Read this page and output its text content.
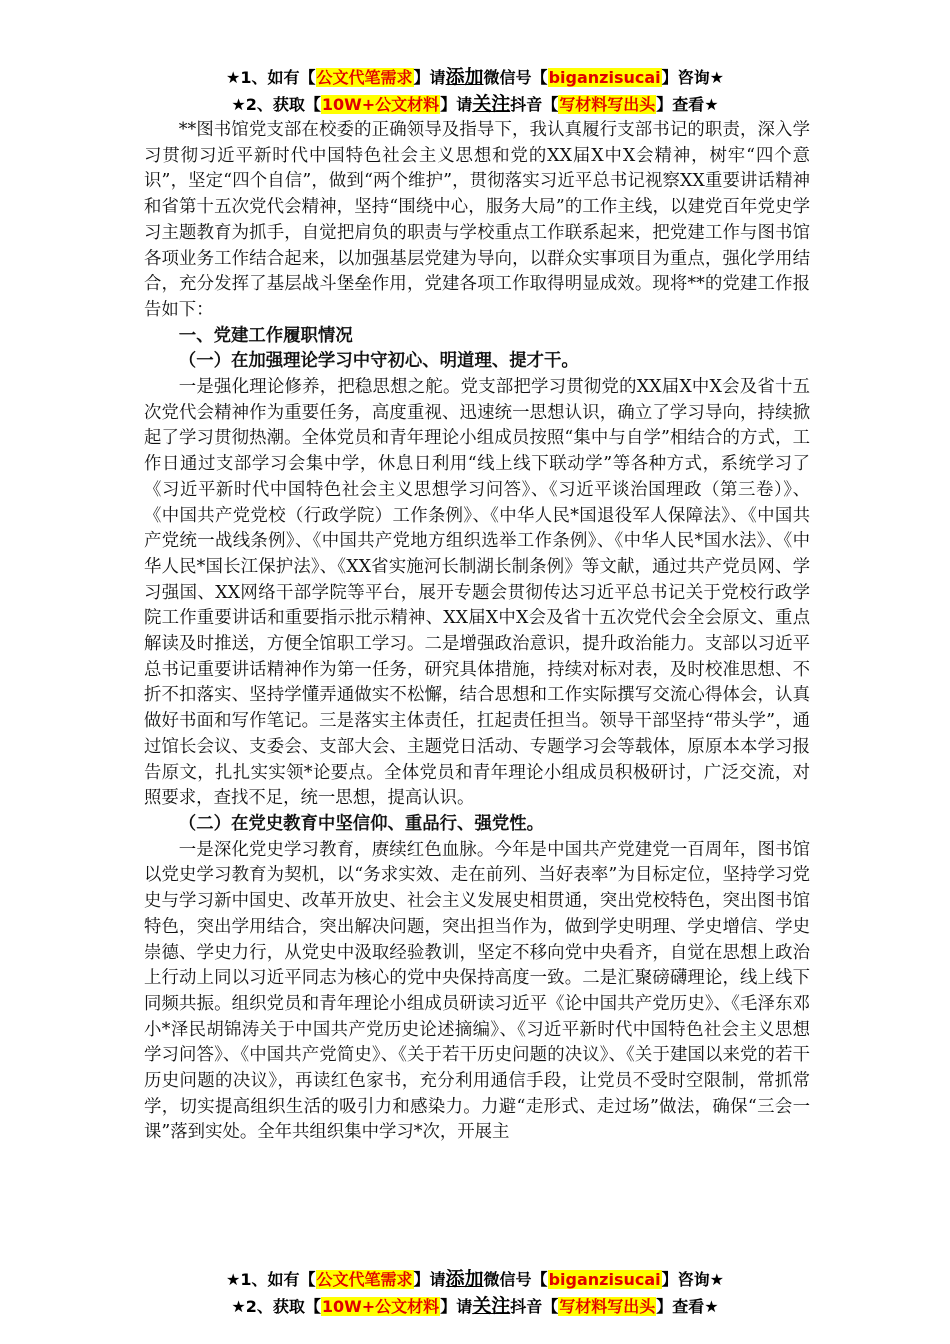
★1、如有【公文代笔需求】请添加微信号【biganzisucai】咨询★
★2、获取【10W+公文材料】请关注抖音【写材料写出头】查看★

**图书馆党支部在校委的正确领导及指导下，我认真履行支部书记的职责，深入学习贯彻习近平新时代中国特色社会主义思想和党的XX届X中X会精神，树牢“四个意识”，坚定“四个自信”，做到“两个维护”，贯彻落实习近平总书记视察XX重要讲话精神和省第十五次党代会精神，坚持“围绕中心，服务大局”的工作主线，以建党百年党史学习主题教育为抓手，自觉把肩负的职责与学校重点工作联系起来，把党建工作与图书馆各项业务工作结合起来，以加强基层党建为导向，以群众实事项目为重点，强化学用结合，充分发挥了基层战斗堡垒作用，党建各项工作取得明显成效。现将**的党建工作报告如下：

一、党建工作履职情况
（一）在加强理论学习中守初心、明道理、提才干。

一是强化理论修养，把稳思想之舵。党支部把学习贯彻党的XX届X中X会及省十五次党代会精神作为重要任务，高度重视、迅速统一思想认识，确立了学习导向，持续掀起了学习贯彻热潮。全体党员和青年理论小组成员按照“集中与自学”相结合的方式，工作日通过支部学习会集中学，休息日利用“线上线下联动学”等各种方式，系统学习了《习近平新时代中国特色社会主义思想学习问答》、《习近平谈治国理政（第三卷）》、《中国共产党党校（行政学院）工作条例》、《中华人民*国退役军人保障法》、《中国共产党统一战线条例》、《中国共产党地方组织选举工作条例》、《中华人民*国水法》、《中华人民*国长江保护法》、《XX省实施河长制湖长制条例》等文献，通过共产党员网、学习强国、XX网络干部学院等平台，展开专题会贯彻传达习近平总书记关于党校行政学院工作重要讲话和重要指示批示精神、XX届X中X会及省十五次党代会全会原文、重点解读及时推送，方便全馆职工学习。二是增强政治意识，提升政治能力。支部以习近平总书记重要讲话精神作为第一任务，研究具体措施，持续对标对表，及时校准思想、不折不扣落实、坚持学懂弄通做实不松懈，结合思想和工作实际撰写交流心得体会，认真做好书面和写作笔记。三是落实主体责任，扛起责任担当。领导干部坚持“带头学”，通过馆长会议、支委会、支部大会、主题党日活动、专题学习会等载体，原原本本学习报告原文，扎扎实实领*论要点。全体党员和青年理论小组成员积极研讨，广泛交流，对照要求，查找不足，统一思想，提高认识。

（二）在党史教育中坚信仰、重品行、强党性。

一是深化党史学习教育，赓续红色血脉。今年是中国共产党建党一百周年，图书馆以党史学习教育为契机，以“务求实效、走在前列、当好表率”为目标定位，坚持学习党史与学习新中国史、改革开放史、社会主义发展史相贯通，突出党校特色，突出图书馆特色，突出学用结合，突出解决问题，突出担当作为，做到学史明理、学史增信、学史崇德、学史力行，从党史中汲取经验教训，坚定不移向党中央看齐，自觉在思想上政治上行动上同以习近平同志为核心的党中央保持高度一致。二是汇聚磅礴理论，线上线下同频共振。组织党员和青年理论小组成员研读习近平《论中国共产党历史》、《毛泽东邓小*泽民胡锦涛关于中国共产党历史论述摘编》、《习近平新时代中国特色社会主义思想学习问答》、《中国共产党简史》、《关于若干历史问题的决议》、《关于建国以来党的若干历史问题的决议》，再读红色家书，充分利用通信手段，让党员不受时空限制，常抓常学，切实提高组织生活的吸引力和感染力。力避“走形式、走过场”做法，确保“三会一课”落到实处。全年共组织集中学习*次，开展主

★1、如有【公文代笔需求】请添加微信号【biganzisucai】咨询★
★2、获取【10W+公文材料】请关注抖音【写材料写出头】查看★
